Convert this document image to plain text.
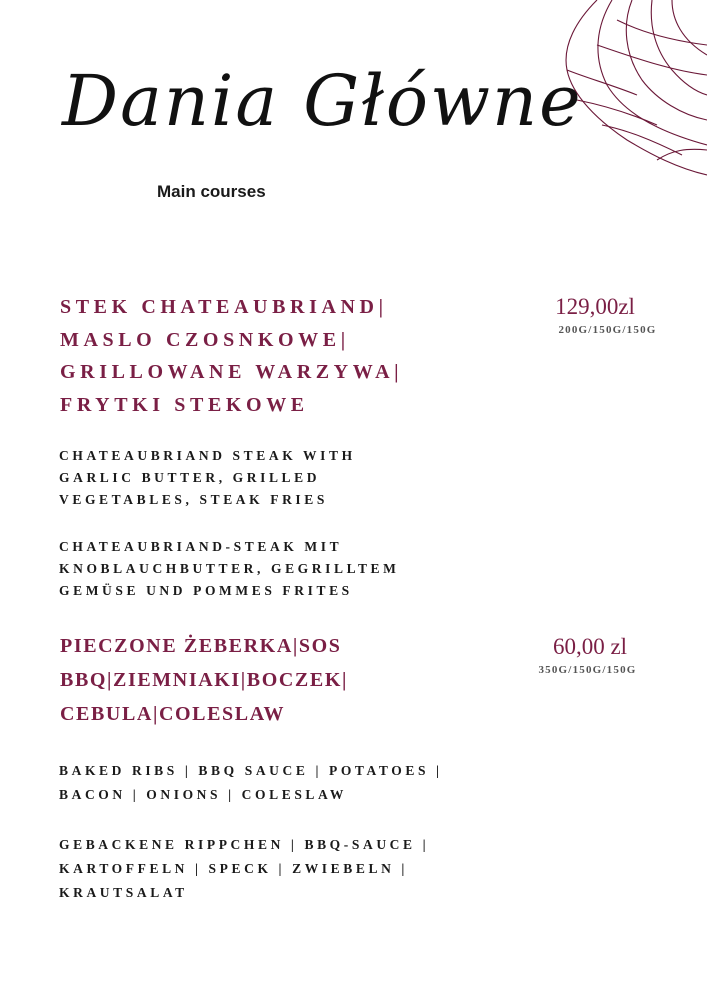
Dania Główne
Main courses
STEK CHATEAUBRIAND|
MASLO CZOSNKOWE|
GRILLOWANE WARZYWA|
FRYTKI STEKOWE
129,00zl
200G/150G/150G
CHATEAUBRIAND STEAK WITH
GARLIC BUTTER, GRILLED
VEGETABLES, STEAK FRIES
CHATEAUBRIAND-STEAK MIT
KNOBLAUCHBUTTER, GEGRILLTEM
GEMÜSE UND POMMES FRITES
PIECZONE ŻEBERKA|SOS
BBQ|ZIEMNIAKI|BOCZEK|
CEBULA|COLESLAW
60,00 zl
350G/150G/150G
BAKED RIBS | BBQ SAUCE | POTATOES |
BACON | ONIONS | COLESLAW
GEBACKENE RIPPCHEN | BBQ-SAUCE |
KARTOFFELN | SPECK | ZWIEBELN |
KRAUTSALAT
